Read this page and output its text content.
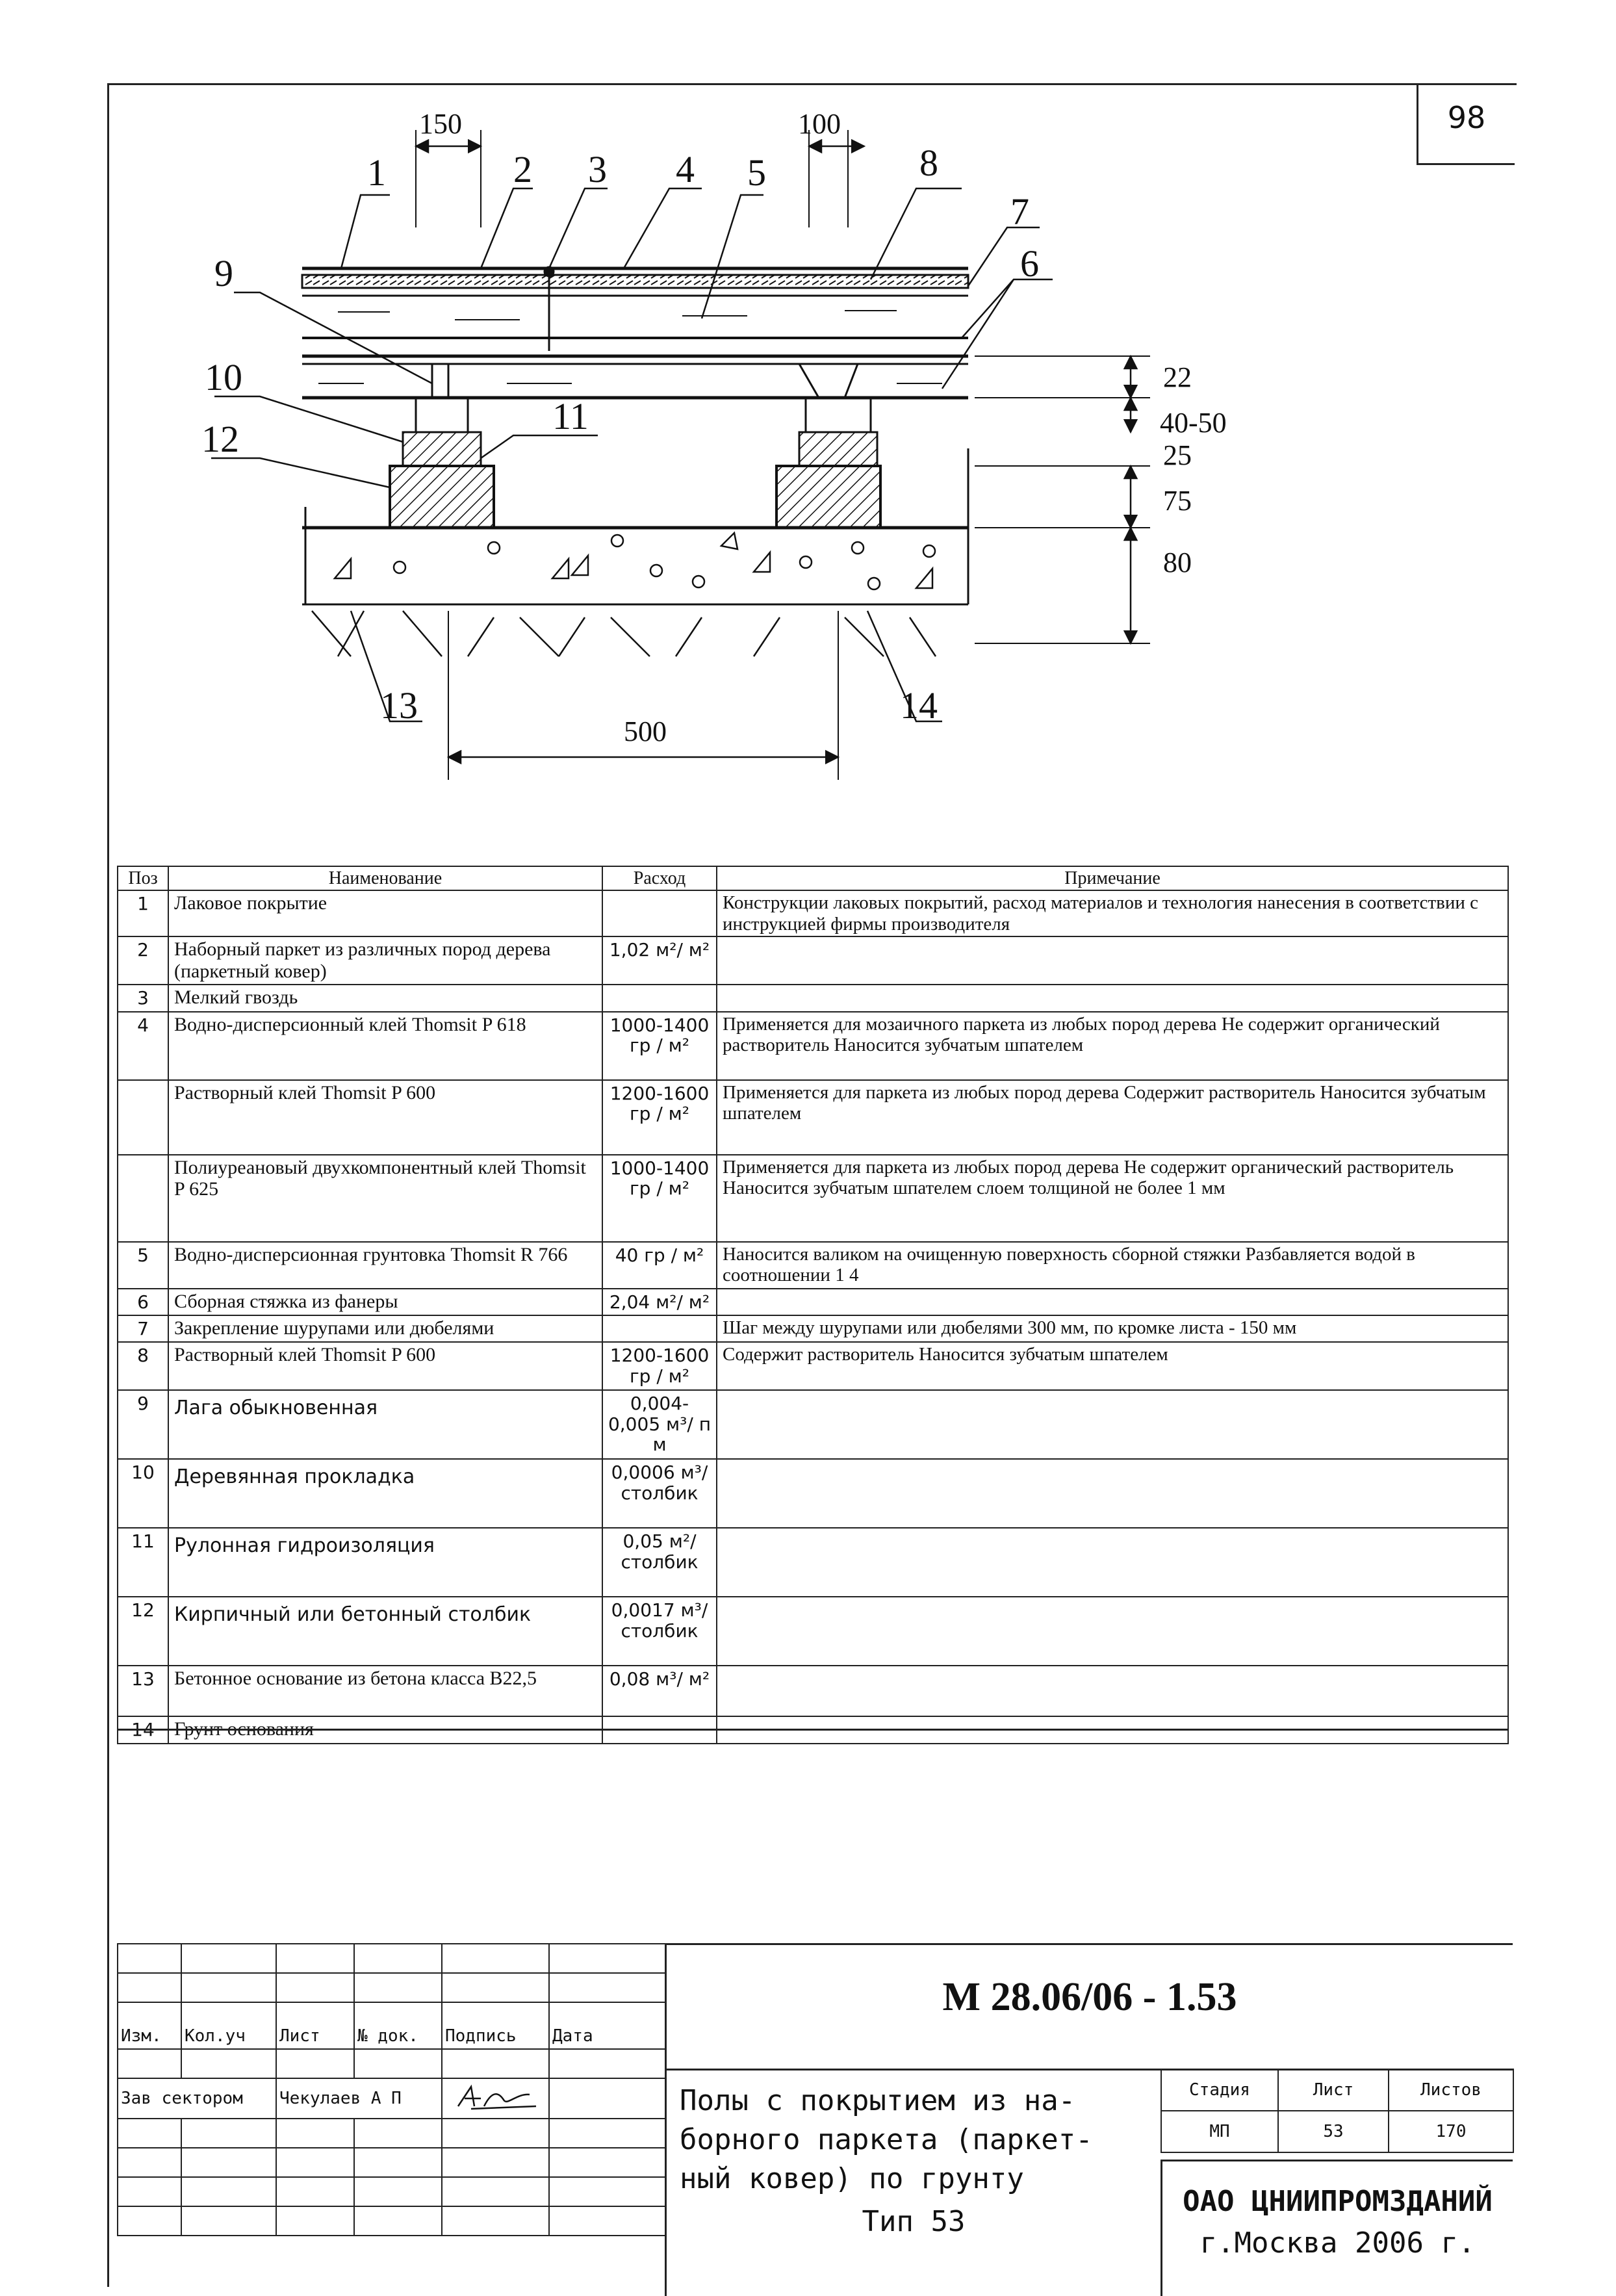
98
1	2 3 4 5	8
7
6
9
10
11
12
13	14
150	100
22
40-50
25
75
80
500
Поз	Наименование	Расход	Примечание
1	Лаковое покрытие		Конструкции лаковых покрытий, расход материалов и технология нанесения в соответствии с инструкцией фирмы производителя
2	Наборный паркет из различных пород дерева (паркетный ковер)	1,02 м²/ м²	
3	Мелкий гвоздь		
4	Водно-дисперсионный клей Thomsit P 618	1000-1400 гр / м²	Применяется для мозаичного паркета из любых пород дерева Не содержит органический растворитель Наносится зубчатым шпателем
	Растворный клей Thomsit P 600	1200-1600 гр / м²	Применяется для паркета из любых пород дерева Содержит растворитель Наносится зубчатым шпателем
	Полиуреановый двухкомпонентный клей Thomsit P 625	1000-1400 гр / м²	Применяется для паркета из любых пород дерева Не содержит органический растворитель Наносится зубчатым шпателем слоем толщиной не более 1 мм
5	Водно-дисперсионная грунтовка Thomsit R 766	40 гр / м²	Наносится валиком на очищенную поверхность сборной стяжки Разбавляется водой в соотношении 1 4
6	Сборная стяжка из фанеры	2,04 м²/ м²	
7	Закрепление шурупами или дюбелями		Шаг между шурупами или дюбелями 300 мм, по кромке листа - 150 мм
8	Растворный клей Thomsit P 600	1200-1600 гр / м²	Содержит растворитель Наносится зубчатым шпателем
9	Лага обыкновенная	0,004-0,005 м³/ п м	
10	Деревянная прокладка	0,0006 м³/ столбик	
11	Рулонная гидроизоляция	0,05 м²/ столбик	
12	Кирпичный или бетонный столбик	0,0017 м³/ столбик	
13	Бетонное основание из бетона класса В22,5	0,08 м³/ м²	
14	Грунт основания		

Изм.	Кол.уч	Лист	№ док.	Подпись	Дата

Зав сектором		Чекулаев А П		

М 28.06/06 - 1.53
Полы с покрытием из на-
борного паркета (паркет-
ный ковер) по грунту
Тип 53
Стадия	Лист	Листов
МП	53	170
ОАО ЦНИИПРОМЗДАНИЙ
г.Москва 2006 г.
